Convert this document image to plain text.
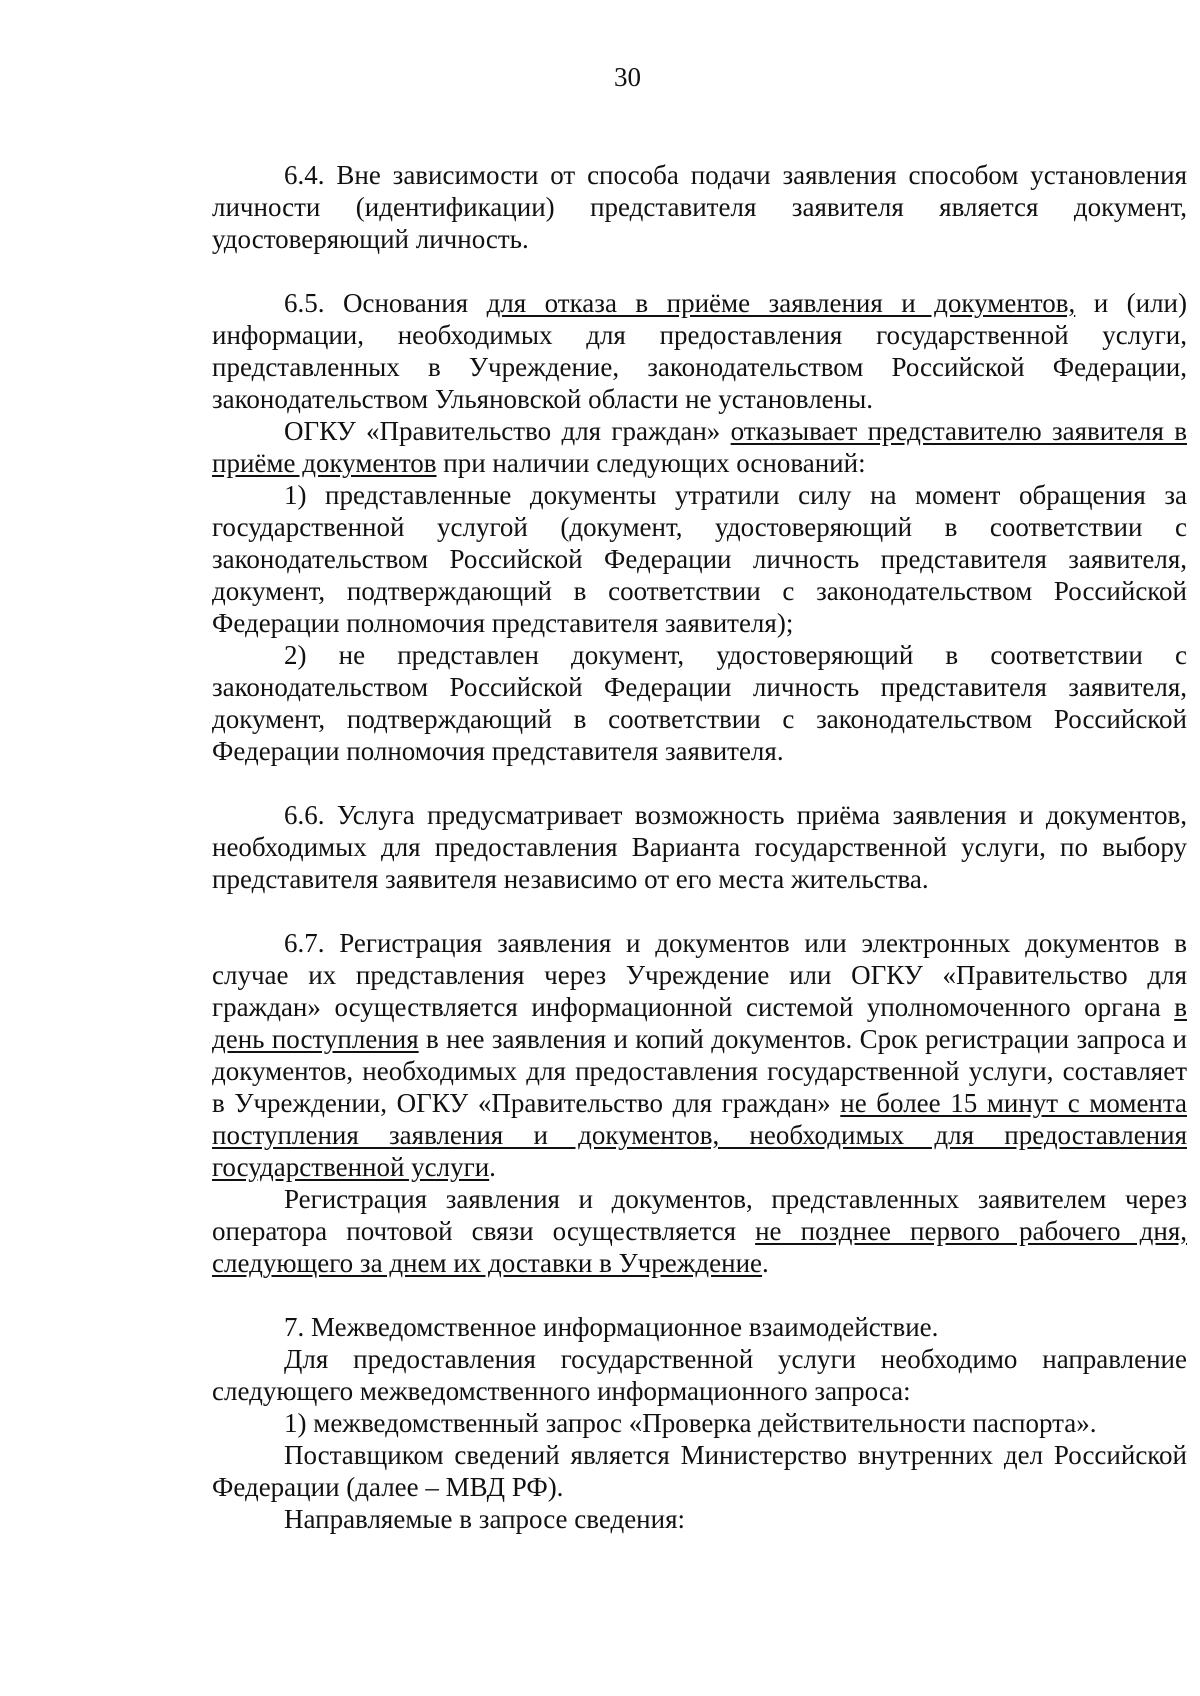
30

6.4. Вне зависимости от способа подачи заявления способом установления личности (идентификации) представителя заявителя является документ, удостоверяющий личность.

6.5. Основания для отказа в приёме заявления и документов, и (или) информации, необходимых для предоставления государственной услуги, представленных в Учреждение, законодательством Российской Федерации, законодательством Ульяновской области не установлены.

ОГКУ «Правительство для граждан» отказывает представителю заявителя в приёме документов при наличии следующих оснований:

1) представленные документы утратили силу на момент обращения за государственной услугой (документ, удостоверяющий в соответствии с законодательством Российской Федерации личность представителя заявителя, документ, подтверждающий в соответствии с законодательством Российской Федерации полномочия представителя заявителя);

2) не представлен документ, удостоверяющий в соответствии с законодательством Российской Федерации личность представителя заявителя, документ, подтверждающий в соответствии с законодательством Российской Федерации полномочия представителя заявителя.

6.6. Услуга предусматривает возможность приёма заявления и документов, необходимых для предоставления Варианта государственной услуги, по выбору представителя заявителя независимо от его места жительства.

6.7. Регистрация заявления и документов или электронных документов в случае их представления через Учреждение или ОГКУ «Правительство для граждан» осуществляется информационной системой уполномоченного органа в день поступления в нее заявления и копий документов. Срок регистрации запроса и документов, необходимых для предоставления государственной услуги, составляет в Учреждении, ОГКУ «Правительство для граждан» не более 15 минут с момента поступления заявления и документов, необходимых для предоставления государственной услуги.

Регистрация заявления и документов, представленных заявителем через оператора почтовой связи осуществляется не позднее первого рабочего дня, следующего за днем их доставки в Учреждение.

7. Межведомственное информационное взаимодействие.

Для предоставления государственной услуги необходимо направление следующего межведомственного информационного запроса:

1) межведомственный запрос «Проверка действительности паспорта».

Поставщиком сведений является Министерство внутренних дел Российской Федерации (далее – МВД РФ).

Направляемые в запросе сведения:
